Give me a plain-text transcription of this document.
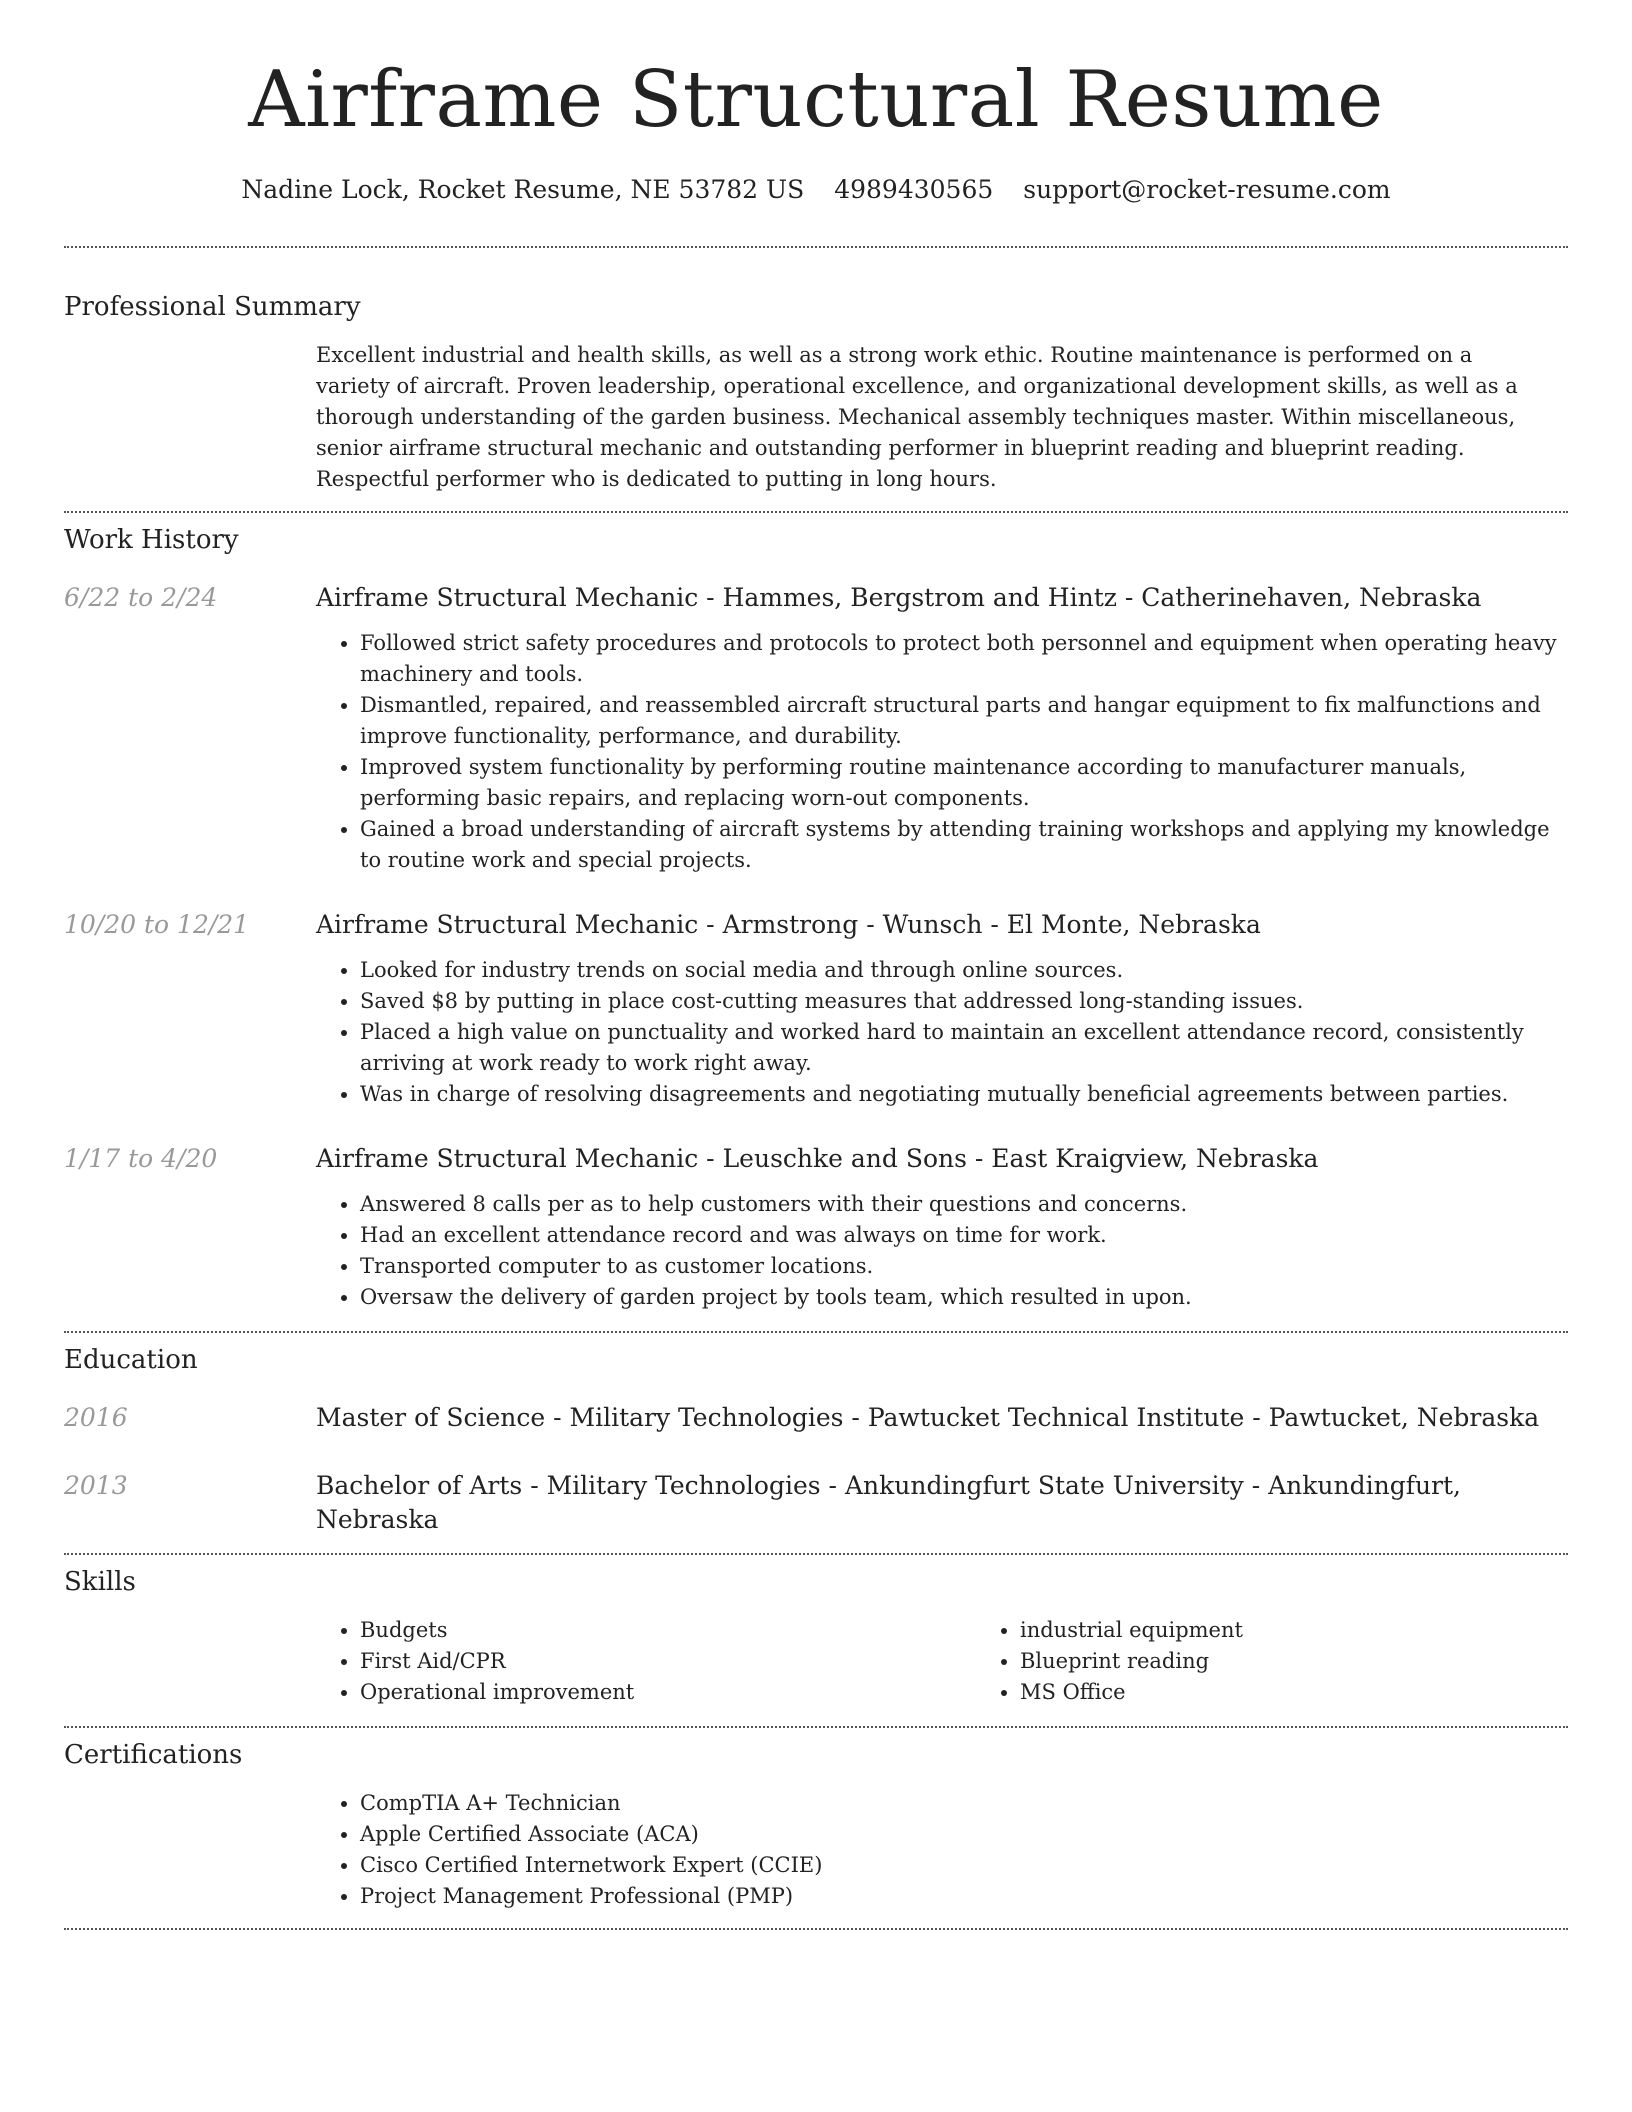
Airframe Structural Resume
Nadine Lock, Rocket Resume, NE 53782 US 4989430565 support@rocket-resume.com
Professional Summary

Excellent industrial and health skills, as well as a strong work ethic. Routine maintenance is performed on a variety of aircraft. Proven leadership, operational excellence, and organizational development skills, as well as a thorough understanding of the garden business. Mechanical assembly techniques master. Within miscellaneous, senior airframe structural mechanic and outstanding performer in blueprint reading and blueprint reading. Respectful performer who is dedicated to putting in long hours.

Work History
6/22 to 2/24	Airframe Structural Mechanic - Hammes, Bergstrom and Hintz - Catherinehaven, Nebraska
• Followed strict safety procedures and protocols to protect both personnel and equipment when operating heavy machinery and tools.
• Dismantled, repaired, and reassembled aircraft structural parts and hangar equipment to fix malfunctions and improve functionality, performance, and durability.
• Improved system functionality by performing routine maintenance according to manufacturer manuals, performing basic repairs, and replacing worn-out components.
• Gained a broad understanding of aircraft systems by attending training workshops and applying my knowledge to routine work and special projects.
10/20 to 12/21	Airframe Structural Mechanic - Armstrong - Wunsch - El Monte, Nebraska
• Looked for industry trends on social media and through online sources.
• Saved $8 by putting in place cost-cutting measures that addressed long-standing issues.
• Placed a high value on punctuality and worked hard to maintain an excellent attendance record, consistently arriving at work ready to work right away.
• Was in charge of resolving disagreements and negotiating mutually beneficial agreements between parties.
1/17 to 4/20	Airframe Structural Mechanic - Leuschke and Sons - East Kraigview, Nebraska
• Answered 8 calls per as to help customers with their questions and concerns.
• Had an excellent attendance record and was always on time for work.
• Transported computer to as customer locations.
• Oversaw the delivery of garden project by tools team, which resulted in upon.
Education
2016	Master of Science - Military Technologies - Pawtucket Technical Institute - Pawtucket, Nebraska
2013	Bachelor of Arts - Military Technologies - Ankundingfurt State University - Ankundingfurt, Nebraska
Skills
• Budgets
• First Aid/CPR
• Operational improvement
• industrial equipment
• Blueprint reading
• MS Office
Certifications
• CompTIA A+ Technician
• Apple Certified Associate (ACA)
• Cisco Certified Internetwork Expert (CCIE)
• Project Management Professional (PMP)
